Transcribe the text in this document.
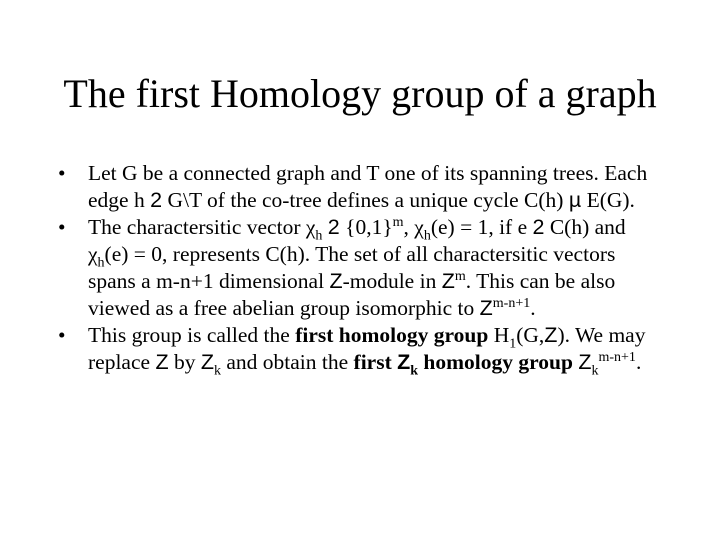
The first Homology group of a graph
• Let G be a connected graph and T one of its spanning trees. Each edge h 2 G\T of the co-tree defines a unique cycle C(h) µ E(G).
• The charactersitic vector $\chi_h$ 2 $\{0,1\}^m$, $\chi_h(e) = 1$, if e 2 C(h) and $\chi_h(e) = 0$, represents C(h). The set of all charactersitic vectors spans a m-n+1 dimensional Z-module in $Z^m$. This can be also viewed as a free abelian group isomorphic to $Z^{m-n+1}$.
• This group is called the first homology group $H_1(G,Z)$. We may replace Z by $Z_k$ and obtain the first $Z_k$ homology group $Z_k^{m-n+1}$.
